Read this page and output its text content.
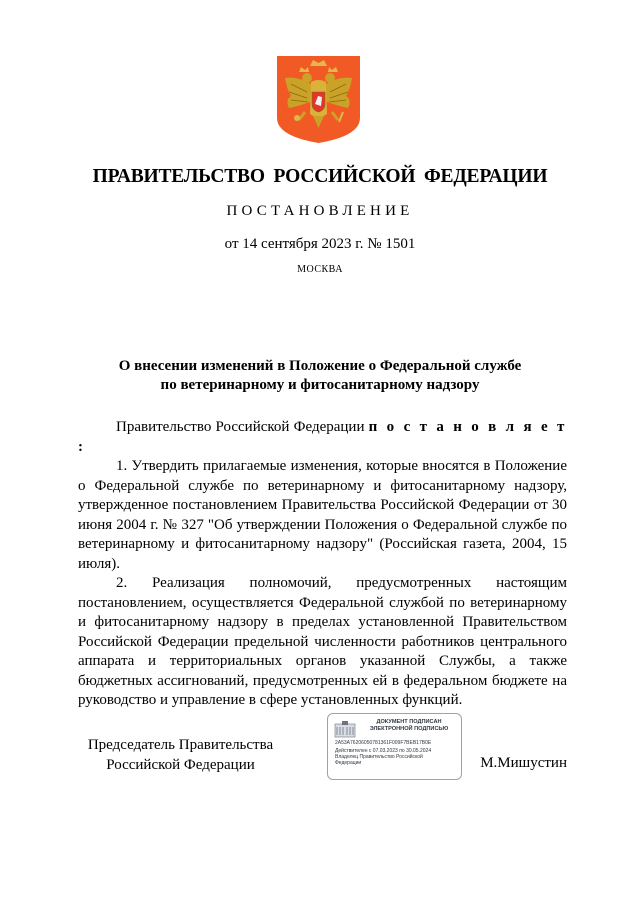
ПРАВИТЕЛЬСТВО РОССИЙСКОЙ ФЕДЕРАЦИИ
ПОСТАНОВЛЕНИЕ
от 14 сентября 2023 г. № 1501
МОСКВА
О внесении изменений в Положение о Федеральной службе
по ветеринарному и фитосанитарному надзору

Правительство Российской Федерации п о с т а н о в л я е т :

1. Утвердить прилагаемые изменения, которые вносятся в Положение о Федеральной службе по ветеринарному и фитосанитарному надзору, утвержденное постановлением Правительства Российской Федерации от 30 июня 2004 г. № 327 "Об утверждении Положения о Федеральной службе по ветеринарному и фитосанитарному надзору" (Российская газета, 2004, 15 июля).

2. Реализация полномочий, предусмотренных настоящим постановлением, осуществляется Федеральной службой по ветеринарному и фитосанитарному надзору в пределах установленной Правительством Российской Федерации предельной численности работников центрального аппарата и территориальных органов указанной Службы, а также бюджетных ассигнований, предусмотренных ей в федеральном бюджете на руководство и управление в сфере установленных функций.

Председатель Правительства
Российской Федерации
ДОКУМЕНТ ПОДПИСАН
ЭЛЕКТРОННОЙ ПОДПИСЬЮ
2A53A76206050781361F009F7BEB17B0E
Действителен с 07.03.2023 по 30.05.2024
Владелец Правительство Российской
Федерации	М.Мишустин
